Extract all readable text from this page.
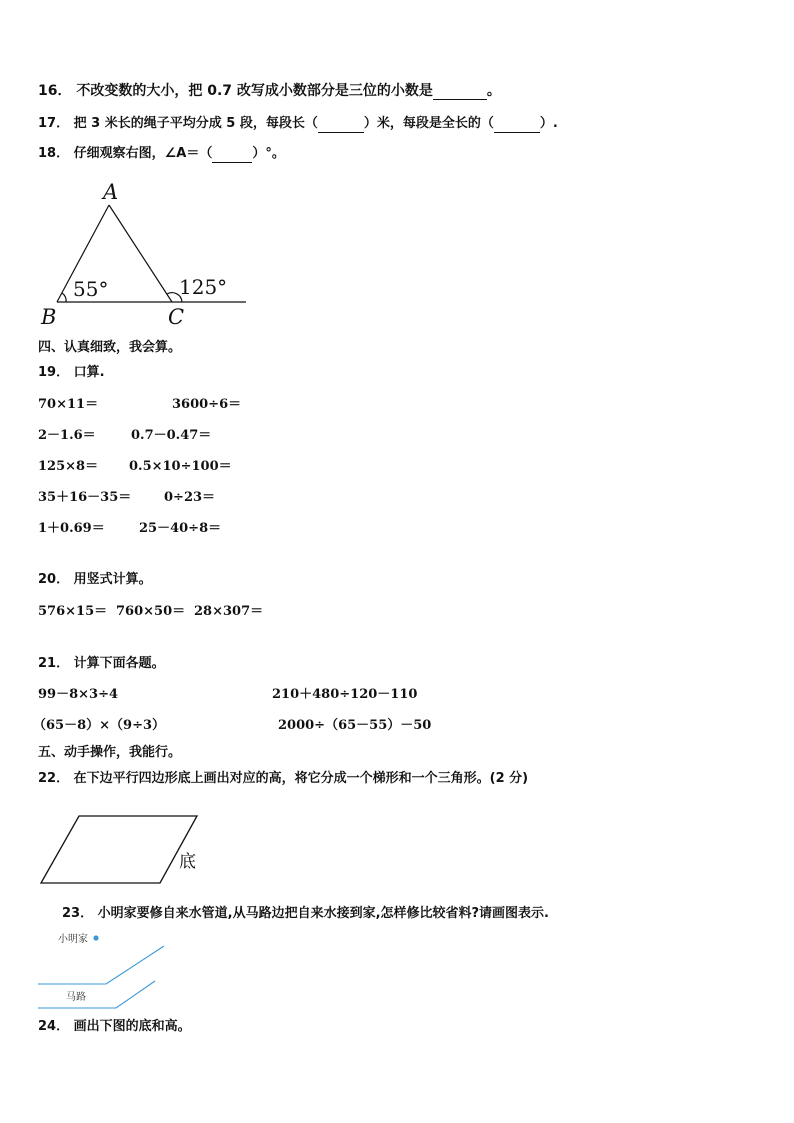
16． 不改变数的大小，把 0.7 改写成小数部分是三位的小数是	。
17． 把 3 米长的绳子平均分成 5 段，每段长（	）米，每段是全长的（	）.
18． 仔细观察右图，∠A＝（	）°。
A
B	C
55°	125°
四、认真细致，我会算。
19． 口算.
70×11＝	3600÷6＝
2－1.6＝	0.7－0.47＝
125×8＝ 0.5×10÷100＝
35＋16－35＝	0÷23＝
1＋0.69＝	25－40÷8＝
20． 用竖式计算。
576×15＝ 760×50＝ 28×307＝
21． 计算下面各题。
99－8×3÷4	210＋480÷120－110
（65－8）×（9÷3）	2000÷（65－55）－50
五、动手操作，我能行。
22． 在下边平行四边形底上画出对应的高，将它分成一个梯形和一个三角形。(2 分)
底
23． 小明家要修自来水管道,从马路边把自来水接到家,怎样修比较省料?请画图表示.
小明家
马路
24． 画出下图的底和高。
